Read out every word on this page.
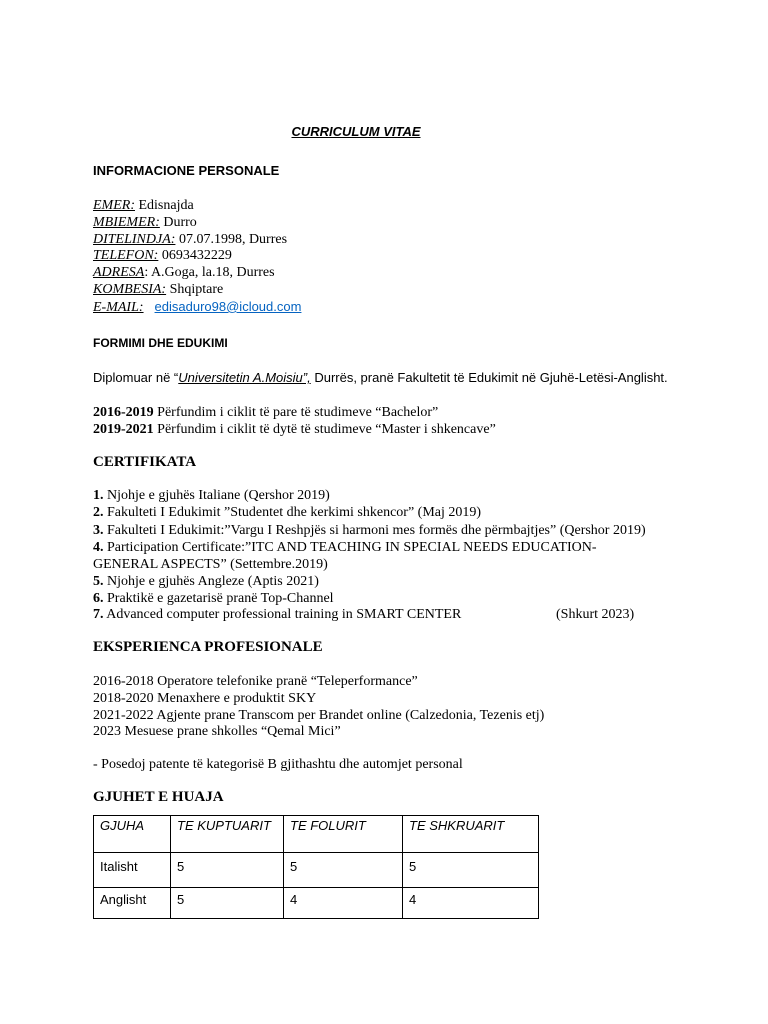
CURRICULUM VITAE
INFORMACIONE PERSONALE
EMER: Edisnajda
MBIEMER: Durro
DITELINDJA: 07.07.1998, Durres
TELEFON: 0693432229
ADRESA: A.Goga, la.18, Durres
KOMBESIA: Shqiptare
E-MAIL: edisaduro98@icloud.com
FORMIMI DHE EDUKIMI
Diplomuar në “Universitetin A.Moisiu”, Durrës, pranë Fakultetit të Edukimit në Gjuhë-Letësi-Anglisht.
2016-2019 Përfundim i ciklit të pare të studimeve “Bachelor”
2019-2021 Përfundim i ciklit të dytë të studimeve “Master i shkencave”
CERTIFIKATA
1. Njohje e gjuhës Italiane (Qershor 2019)
2. Fakulteti I Edukimit ”Studentet dhe kerkimi shkencor” (Maj 2019)
3. Fakulteti I Edukimit:”Vargu I Reshpjës si harmoni mes formës dhe përmbajtjes” (Qershor 2019)
4. Participation Certificate:”ITC AND TEACHING IN SPECIAL NEEDS EDUCATION-
GENERAL ASPECTS” (Settembre.2019)
5. Njohje e gjuhës Angleze (Aptis 2021)
6. Praktikë e gazetarisë pranë Top-Channel
7. Advanced computer professional training in SMART CENTER	(Shkurt 2023)
EKSPERIENCA PROFESIONALE
2016-2018 Operatore telefonike pranë “Teleperformance”
2018-2020 Menaxhere e produktit SKY
2021-2022 Agjente prane Transcom per Brandet online (Calzedonia, Tezenis etj)
2023 Mesuese prane shkolles “Qemal Mici”
- Posedoj patente të kategorisë B gjithashtu dhe automjet personal
GJUHET E HUAJA
GJUHA	TE KUPTUARIT	TE FOLURIT	TE SHKRUARIT
Italisht	5	5	5
Anglisht	5	4	4
